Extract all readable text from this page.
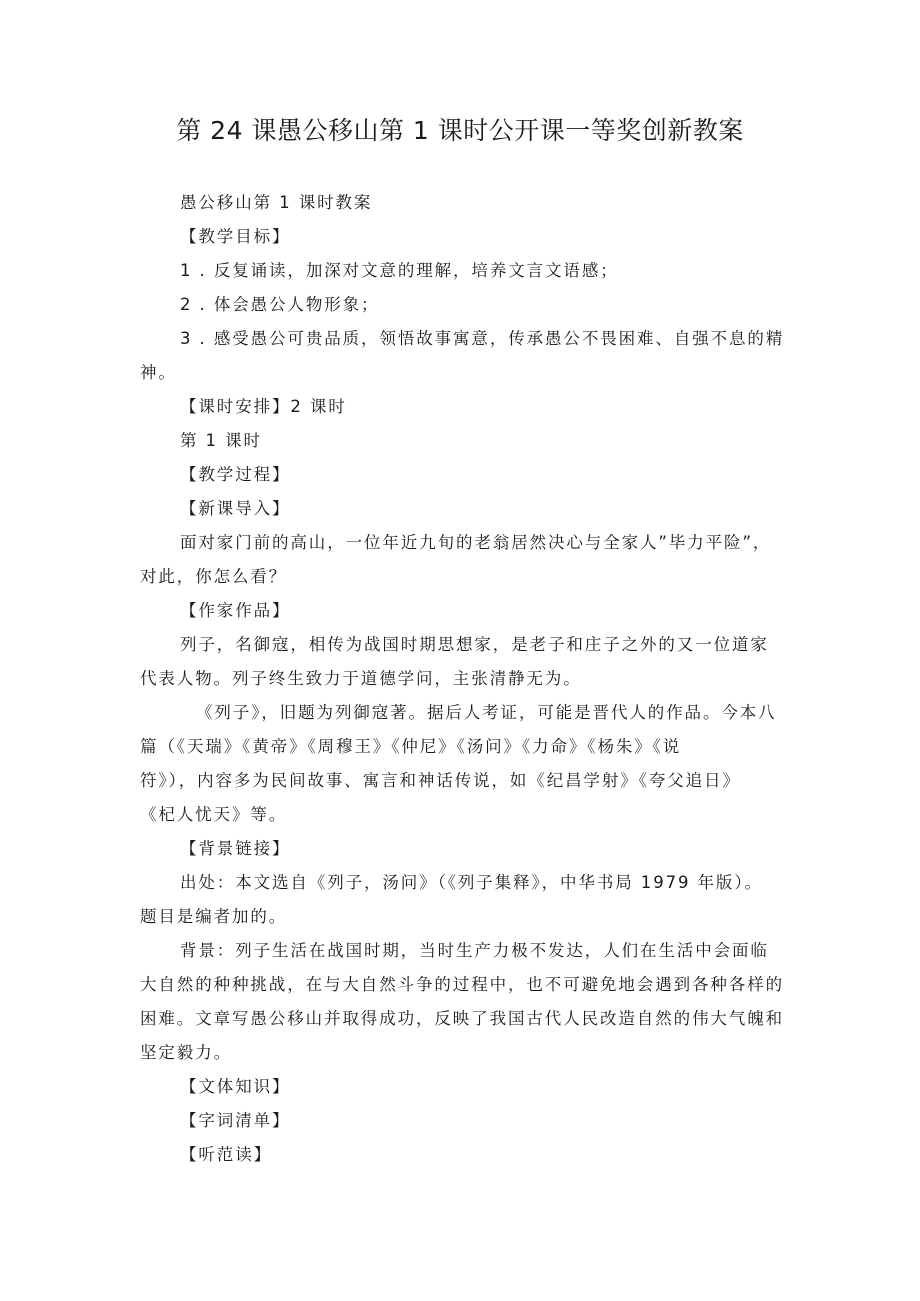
第 24 课愚公移山第 1 课时公开课一等奖创新教案

愚公移山第 1 课时教案

【教学目标】

1 . 反复诵读，加深对文意的理解，培养文言文语感；

2 . 体会愚公人物形象；

3 . 感受愚公可贵品质，领悟故事寓意，传承愚公不畏困难、自强不息的精

神。

【课时安排】2 课时

第 1 课时

【教学过程】

【新课导入】

面对家门前的高山，一位年近九旬的老翁居然决心与全家人”毕力平险”，

对此，你怎么看？

【作家作品】

列子，名御寇，相传为战国时期思想家，是老子和庄子之外的又一位道家

代表人物。列子终生致力于道德学问，主张清静无为。

《列子》，旧题为列御寇著。据后人考证，可能是晋代人的作品。今本八

篇（《天瑞》《黄帝》《周穆王》《仲尼》《汤问》《力命》《杨朱》《说

符》），内容多为民间故事、寓言和神话传说，如《纪昌学射》《夸父追日》

《杞人忧天》等。

【背景链接】

出处：本文选自《列子，汤问》（《列子集释》，中华书局 1979 年版）。

题目是编者加的。

背景：列子生活在战国时期，当时生产力极不发达，人们在生活中会面临

大自然的种种挑战，在与大自然斗争的过程中，也不可避免地会遇到各种各样的

困难。文章写愚公移山并取得成功，反映了我国古代人民改造自然的伟大气魄和

坚定毅力。

【文体知识】

【字词清单】

【听范读】
